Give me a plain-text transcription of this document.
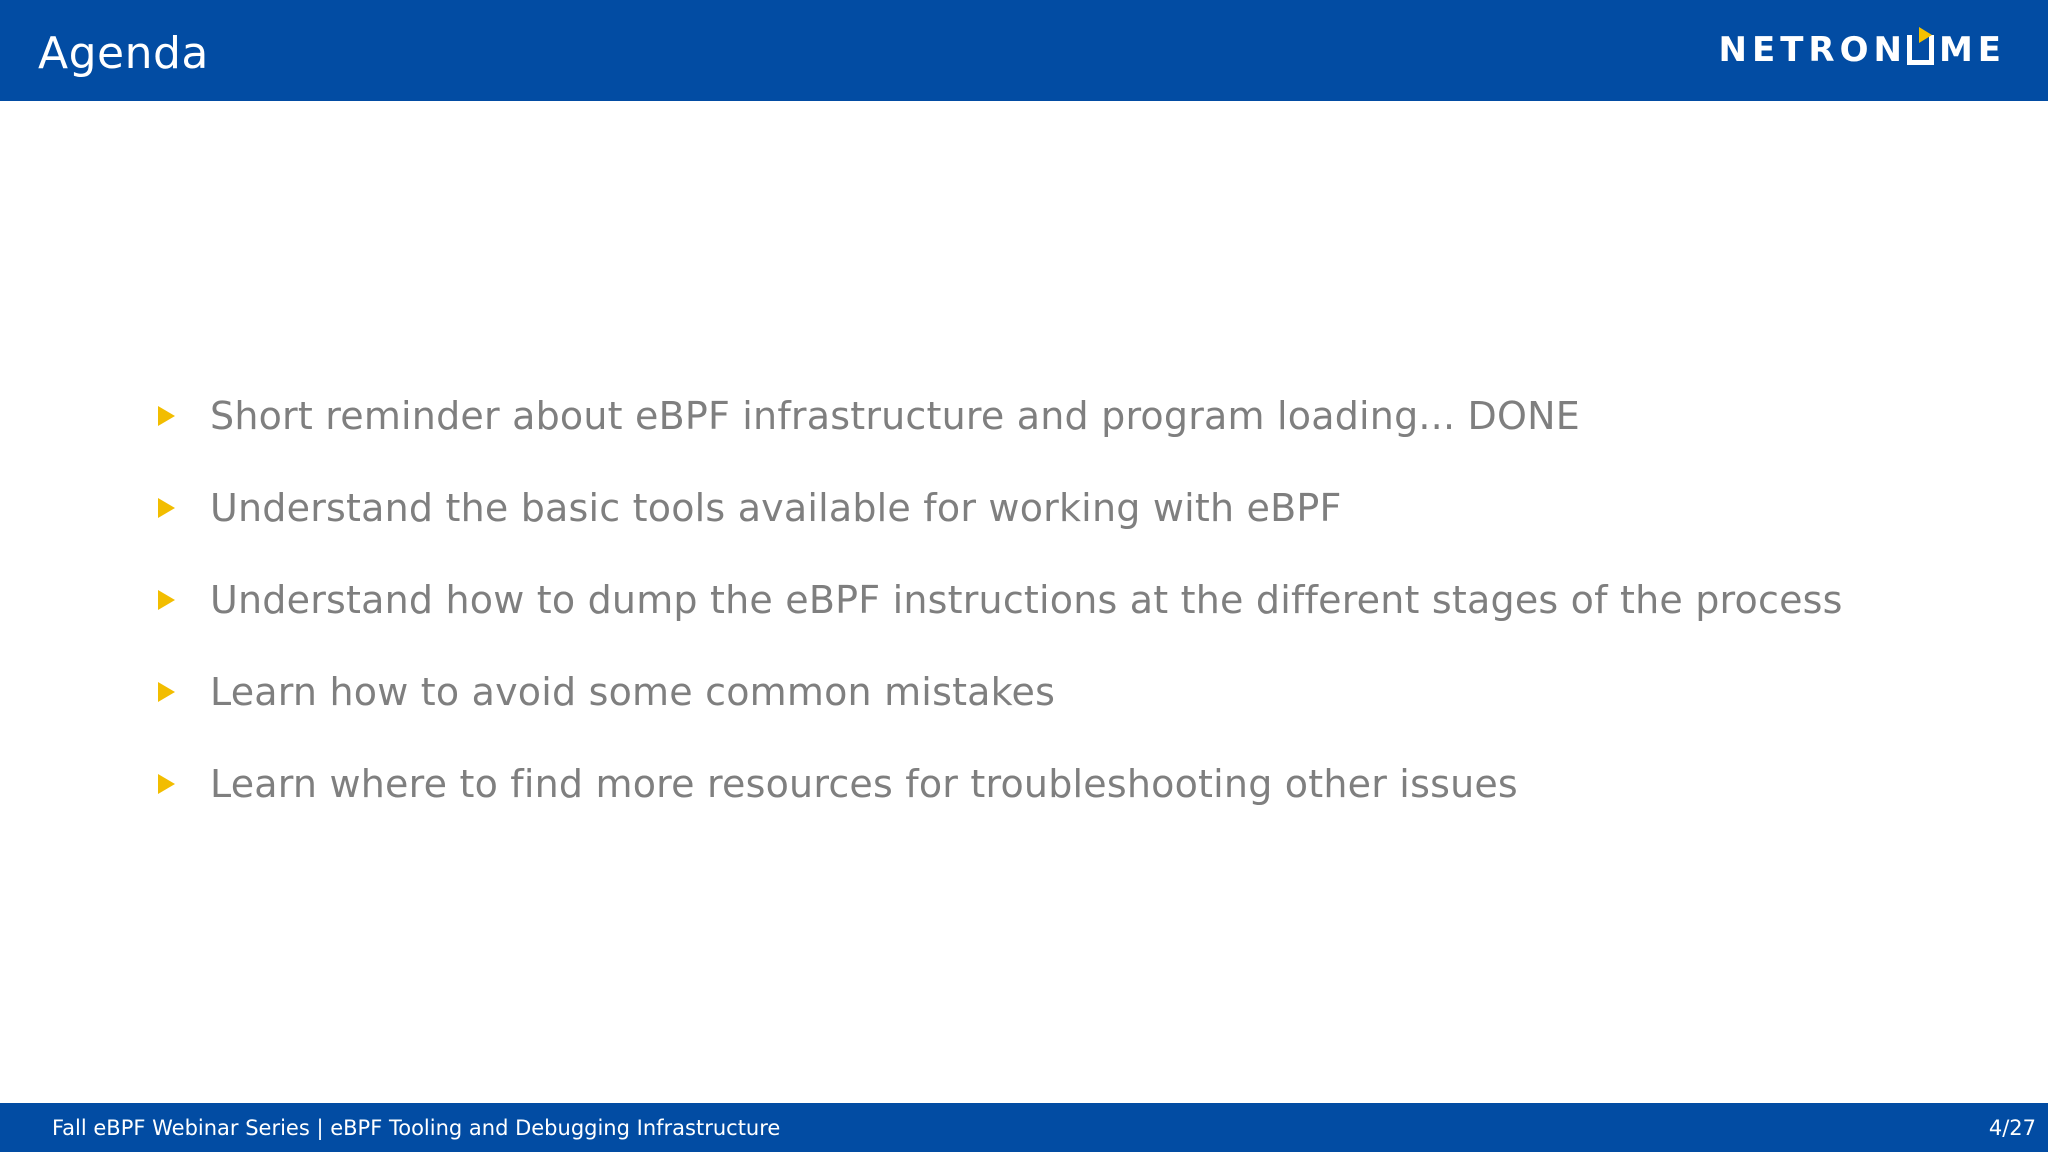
Agenda	NETRON ME
Short reminder about eBPF infrastructure and program loading... DONE
Understand the basic tools available for working with eBPF
Understand how to dump the eBPF instructions at the different stages of the process
Learn how to avoid some common mistakes
Learn where to find more resources for troubleshooting other issues
Fall eBPF Webinar Series | eBPF Tooling and Debugging Infrastructure	4/27
